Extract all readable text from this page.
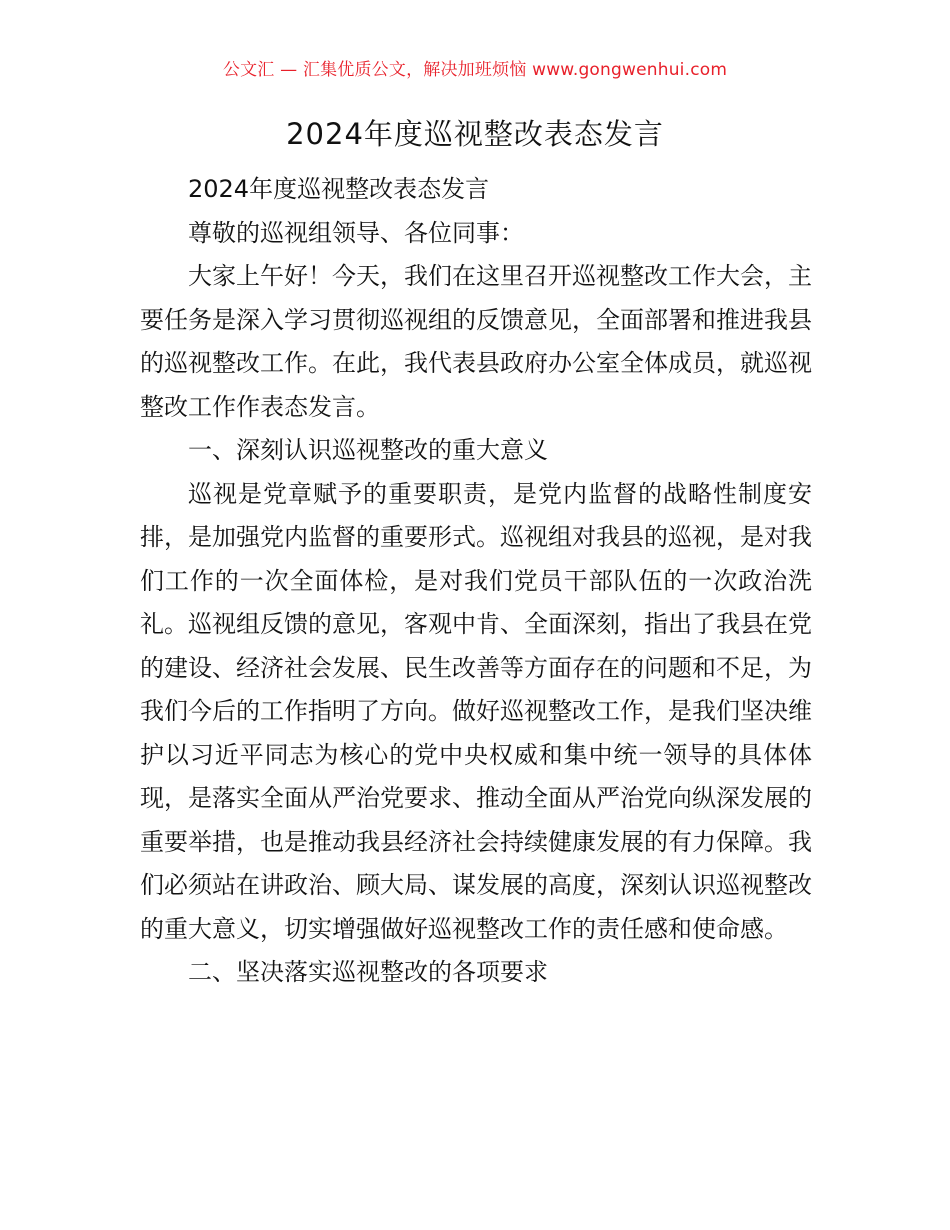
公文汇 — 汇集优质公文，解决加班烦恼 www.gongwenhui.com
2024年度巡视整改表态发言

2024年度巡视整改表态发言

尊敬的巡视组领导、各位同事：

大家上午好！今天，我们在这里召开巡视整改工作大会，主要任务是深入学习贯彻巡视组的反馈意见，全面部署和推进我县的巡视整改工作。在此，我代表县政府办公室全体成员，就巡视整改工作作表态发言。

一、深刻认识巡视整改的重大意义

巡视是党章赋予的重要职责，是党内监督的战略性制度安排，是加强党内监督的重要形式。巡视组对我县的巡视，是对我们工作的一次全面体检，是对我们党员干部队伍的一次政治洗礼。巡视组反馈的意见，客观中肯、全面深刻，指出了我县在党的建设、经济社会发展、民生改善等方面存在的问题和不足，为我们今后的工作指明了方向。做好巡视整改工作，是我们坚决维护以习近平同志为核心的党中央权威和集中统一领导的具体体现，是落实全面从严治党要求、推动全面从严治党向纵深发展的重要举措，也是推动我县经济社会持续健康发展的有力保障。我们必须站在讲政治、顾大局、谋发展的高度，深刻认识巡视整改的重大意义，切实增强做好巡视整改工作的责任感和使命感。

二、坚决落实巡视整改的各项要求
